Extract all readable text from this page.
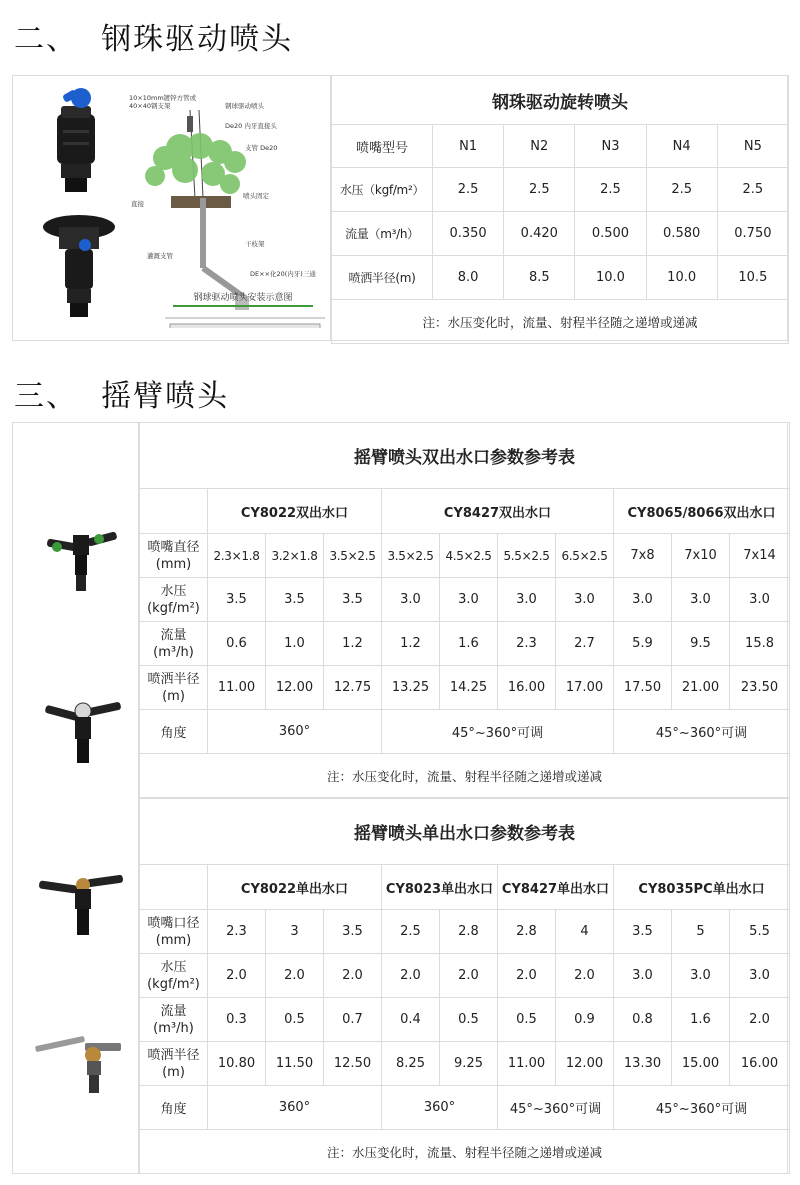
二、  钢珠驱动喷头
10×10mm镀锌方管或
40×40钢支架	钢球驱动喷头
De20 内牙直接头
支管 De20
直接
喷头固定
干枝架
灌溉支管
DE××化20(内牙)三通
钢球驱动喷头安装示意图
钢珠驱动旋转喷头					
喷嘴型号	N1	N2	N3	N4	N5
水压（kgf/m²）	2.5	2.5	2.5	2.5	2.5
流量（m³/h）	0.350	0.420	0.500	0.580	0.750
喷洒半径(m)	8.0	8.5	10.0	10.0	10.5
注：水压变化时，流量、射程半径随之递增或递减					
三、  摇臂喷头
摇臂喷头双出水口参数参考表										
	CY8022双出水口			CY8427双出水口				CY8065/8066双出水口		
喷嘴直径
(mm)	2.3×1.8	3.2×1.8	3.5×2.5	3.5×2.5	4.5×2.5	5.5×2.5	6.5×2.5	7x8	7x10	7x14
水压
(kgf/m²)	3.5	3.5	3.5	3.0	3.0	3.0	3.0	3.0	3.0	3.0
流量
(m³/h)	0.6	1.0	1.2	1.2	1.6	2.3	2.7	5.9	9.5	15.8
喷洒半径
(m)	11.00	12.00	12.75	13.25	14.25	16.00	17.00	17.50	21.00	23.50
角度	360°			45°~360°可调				45°~360°可调		
注：水压变化时，流量、射程半径随之递增或递减										
摇臂喷头单出水口参数参考表										
	CY8022单出水口			CY8023单出水口		CY8427单出水口		CY8035PC单出水口		
喷嘴口径
(mm)	2.3	3	3.5	2.5	2.8	2.8	4	3.5	5	5.5
水压
(kgf/m²)	2.0	2.0	2.0	2.0	2.0	2.0	2.0	3.0	3.0	3.0
流量
(m³/h)	0.3	0.5	0.7	0.4	0.5	0.5	0.9	0.8	1.6	2.0
喷洒半径
(m)	10.80	11.50	12.50	8.25	9.25	11.00	12.00	13.30	15.00	16.00
角度	360°			360°		45°~360°可调		45°~360°可调		
注：水压变化时，流量、射程半径随之递增或递减										
